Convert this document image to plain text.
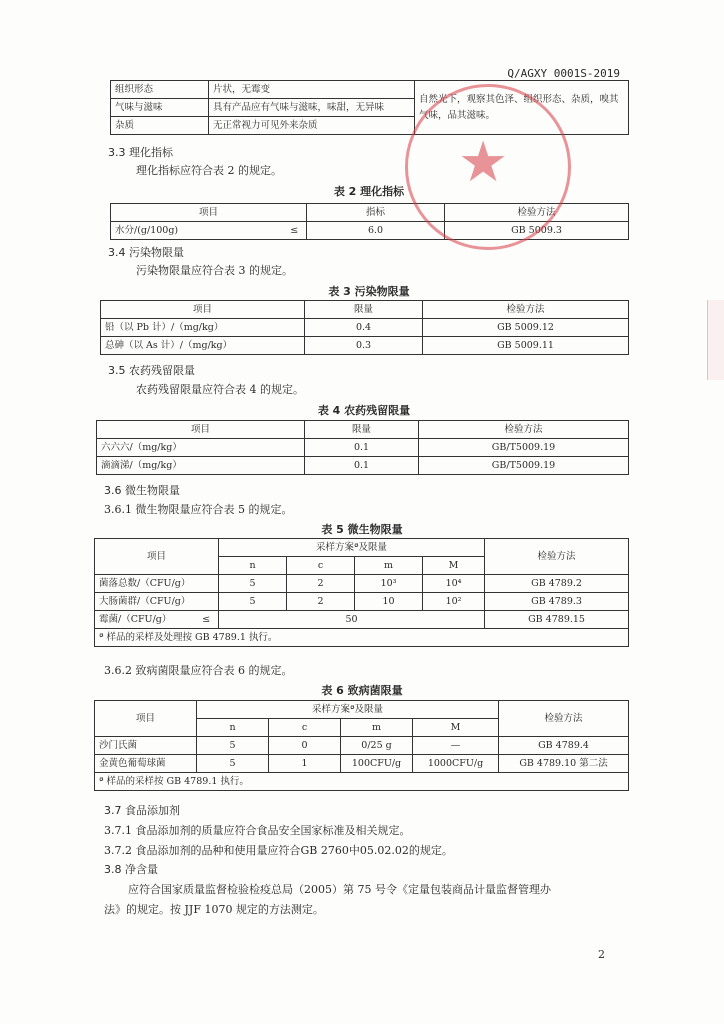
Q/AGXY 0001S-2019
组织形态	片状，无霉变	自然光下，观察其色泽、组织形态、杂质，嗅其气味，品其滋味。
气味与滋味	具有产品应有气味与滋味，味甜，无异味	
杂质	无正常视力可见外来杂质	
3.3 理化指标
理化指标应符合表 2 的规定。
表 2 理化指标
项目		指标	检验方法
水分/(g/100g)	≤	6.0	GB 5009.3
★
3.4 污染物限量
污染物限量应符合表 3 的规定。
表 3 污染物限量
项目	限量	检验方法
铅（以 Pb 计）/（mg/kg）	0.4	GB 5009.12
总砷（以 As 计）/（mg/kg）	0.3	GB 5009.11
3.5 农药残留限量
农药残留限量应符合表 4 的规定。
表 4 农药残留限量
项目	限量	检验方法
六六六/（mg/kg）	0.1	GB/T5009.19
滴滴涕/（mg/kg）	0.1	GB/T5009.19
3.6 微生物限量
3.6.1 微生物限量应符合表 5 的规定。
表 5 微生物限量
项目		采样方案ª及限量				检验方法
		n	c	m	M	
菌落总数/（CFU/g）		5	2	10³	10⁴	GB 4789.2
大肠菌群/（CFU/g）		5	2	10	10²	GB 4789.3
霉菌/（CFU/g）	≤	50				GB 4789.15
ª 样品的采样及处理按 GB 4789.1 执行。						
3.6.2 致病菌限量应符合表 6 的规定。
表 6 致病菌限量
项目	采样方案ª及限量				检验方法
	n	c	m	M	
沙门氏菌	5	0	0/25 g	—	GB 4789.4
金黄色葡萄球菌	5	1	100CFU/g	1000CFU/g	GB 4789.10 第二法
ª 样品的采样按 GB 4789.1 执行。					
3.7 食品添加剂
3.7.1 食品添加剂的质量应符合食品安全国家标准及相关规定。
3.7.2 食品添加剂的品种和使用量应符合GB 2760中05.02.02的规定。
3.8 净含量
应符合国家质量监督检验检疫总局（2005）第 75 号令《定量包装商品计量监督管理办
法》的规定。按 JJF 1070 规定的方法测定。
2
